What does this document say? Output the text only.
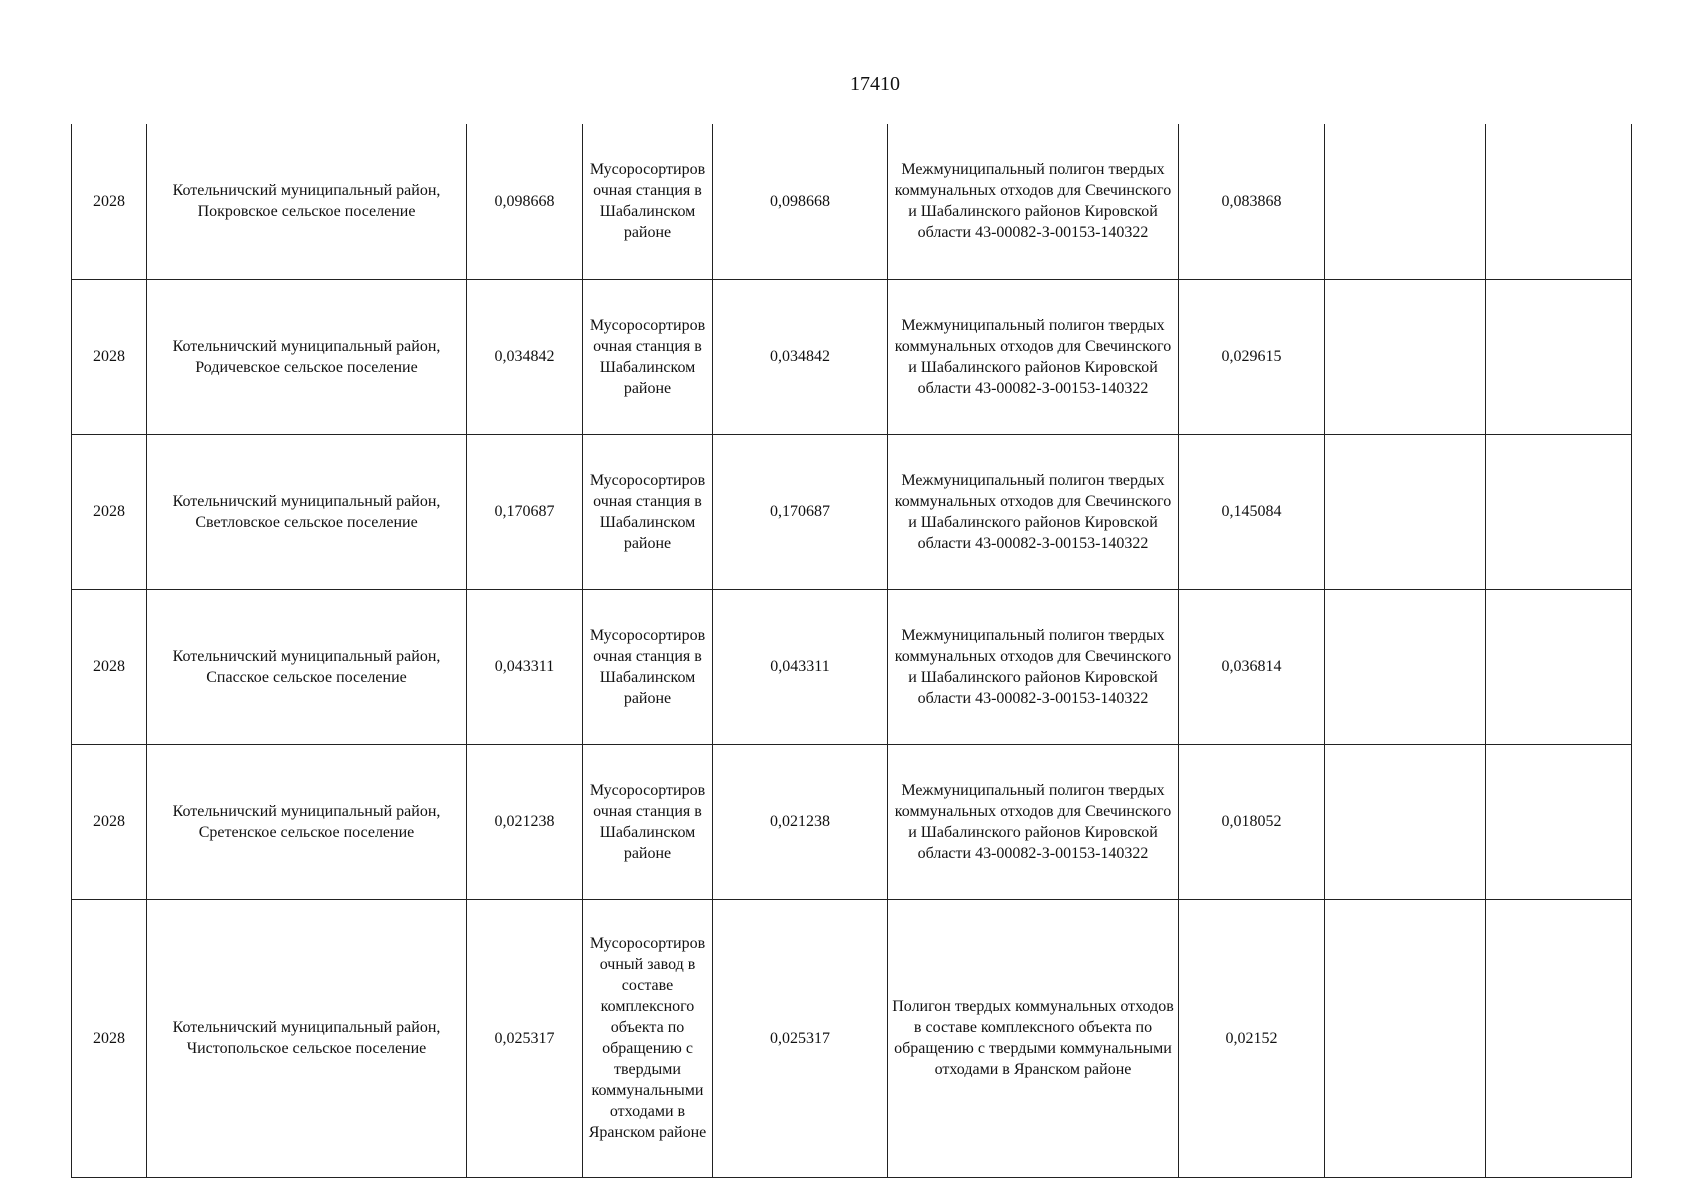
17410
2028	Котельничский муниципальный район, Покровское сельское поселение	0,098668	Мусоросортировочная станция в Шабалинском районе	0,098668	Межмуниципальный полигон твердых коммунальных отходов для Свечинского и Шабалинского районов Кировской области 43-00082-З-00153-140322	0,083868		
2028	Котельничский муниципальный район, Родичевское сельское поселение	0,034842	Мусоросортировочная станция в Шабалинском районе	0,034842	Межмуниципальный полигон твердых коммунальных отходов для Свечинского и Шабалинского районов Кировской области 43-00082-З-00153-140322	0,029615		
2028	Котельничский муниципальный район, Светловское сельское поселение	0,170687	Мусоросортировочная станция в Шабалинском районе	0,170687	Межмуниципальный полигон твердых коммунальных отходов для Свечинского и Шабалинского районов Кировской области 43-00082-З-00153-140322	0,145084		
2028	Котельничский муниципальный район, Спасское сельское поселение	0,043311	Мусоросортировочная станция в Шабалинском районе	0,043311	Межмуниципальный полигон твердых коммунальных отходов для Свечинского и Шабалинского районов Кировской области 43-00082-З-00153-140322	0,036814		
2028	Котельничский муниципальный район, Сретенское сельское поселение	0,021238	Мусоросортировочная станция в Шабалинском районе	0,021238	Межмуниципальный полигон твердых коммунальных отходов для Свечинского и Шабалинского районов Кировской области 43-00082-З-00153-140322	0,018052		
2028	Котельничский муниципальный район, Чистопольское сельское поселение	0,025317	Мусоросортировочный завод в составе комплексного объекта по обращению с твердыми коммунальными отходами в Яранском районе	0,025317	Полигон твердых коммунальных отходов в составе комплексного объекта по обращению с твердыми коммунальными отходами в Яранском районе	0,02152		
